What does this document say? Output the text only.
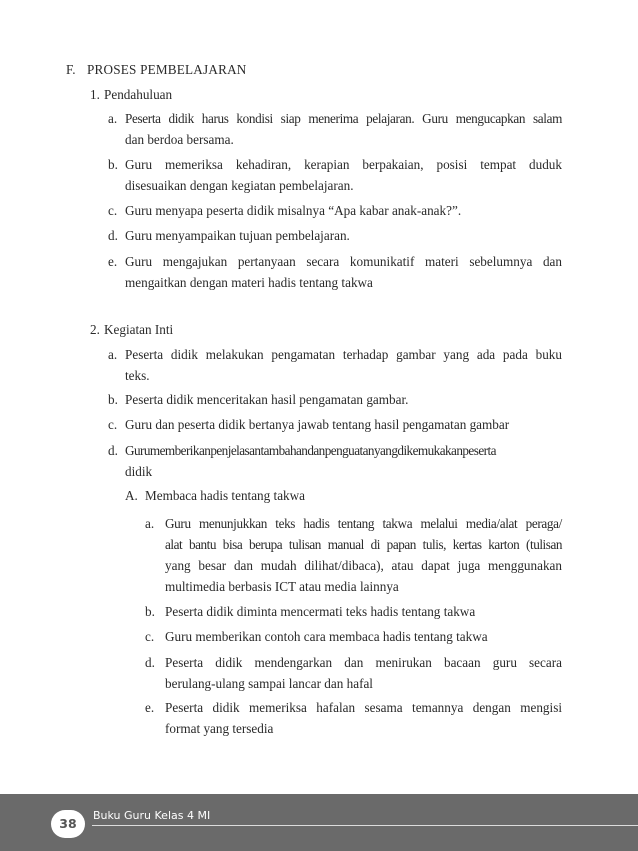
F. PROSES PEMBELAJARAN
1. Pendahuluan
a. Peserta didik harus kondisi siap menerima pelajaran. Guru mengucapkan salam
dan berdoa bersama.
b. Guru memeriksa kehadiran, kerapian berpakaian, posisi tempat duduk
disesuaikan dengan kegiatan pembelajaran.
c. Guru menyapa peserta didik misalnya “Apa kabar anak-anak?”.
d. Guru menyampaikan tujuan pembelajaran.
e. Guru mengajukan pertanyaan secara komunikatif materi sebelumnya dan
mengaitkan dengan materi hadis tentang takwa
2. Kegiatan Inti
a. Peserta didik melakukan pengamatan terhadap gambar yang ada pada buku
teks.
b. Peserta didik menceritakan hasil pengamatan gambar.
c. Guru dan peserta didik bertanya jawab tentang hasil pengamatan gambar
d. Gurumemberikanpenjelasantambahandanpenguatanyangdikemukakanpeserta
didik
A. Membaca hadis tentang takwa
a. Guru menunjukkan teks hadis tentang takwa melalui media/alat peraga/
alat bantu bisa berupa tulisan manual di papan tulis, kertas karton (tulisan
yang besar dan mudah dilihat/dibaca), atau dapat juga menggunakan
multimedia berbasis ICT atau media lainnya
b. Peserta didik diminta mencermati teks hadis tentang takwa
c. Guru memberikan contoh cara membaca hadis tentang takwa
d. Peserta didik mendengarkan dan menirukan bacaan guru secara
berulang-ulang sampai lancar dan hafal
e. Peserta didik memeriksa hafalan sesama temannya dengan mengisi
format yang tersedia
Buku Guru Kelas 4 MI
38
